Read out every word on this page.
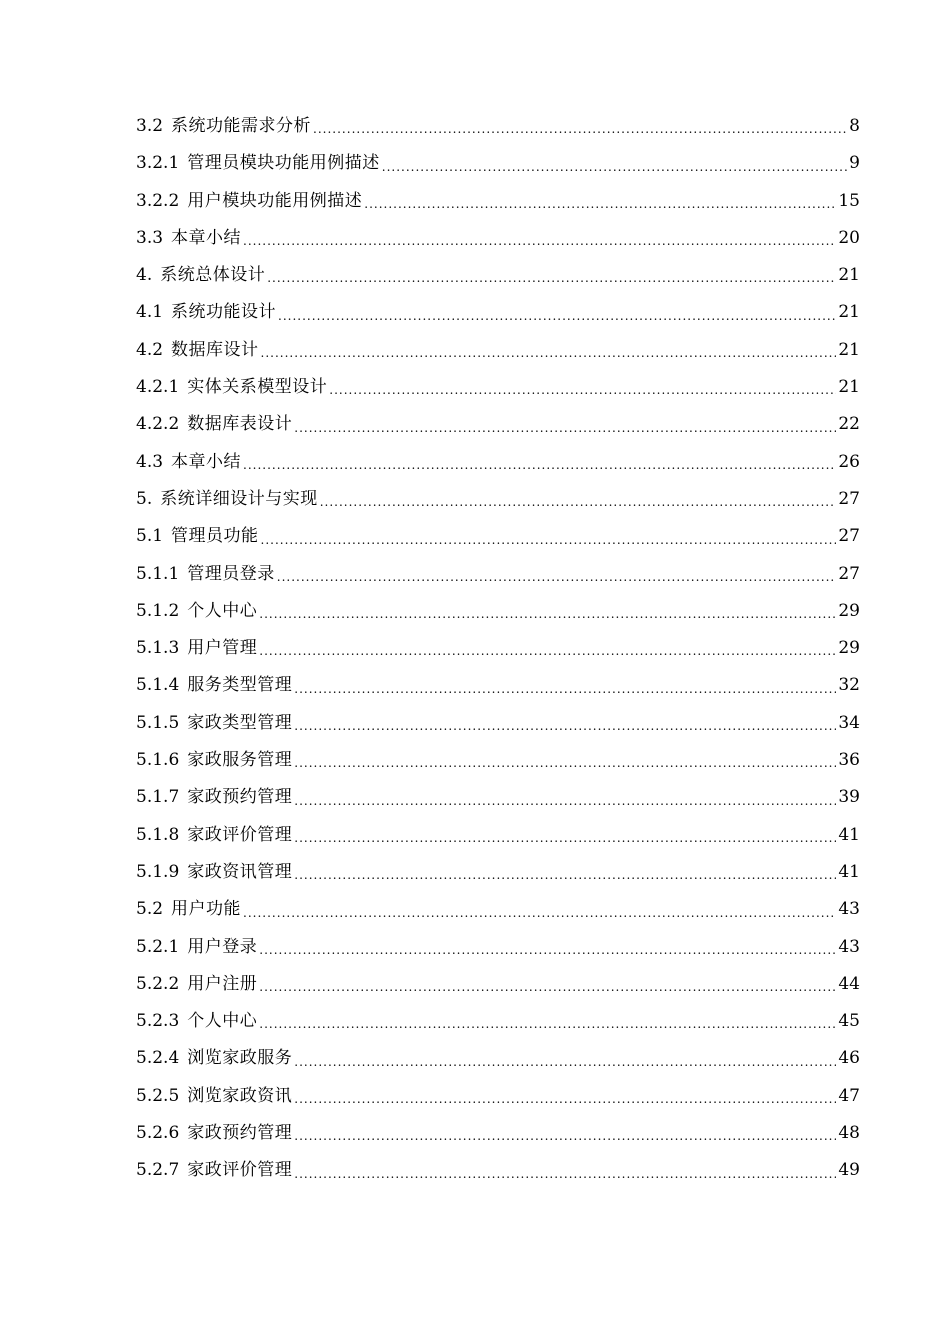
3.2 系统功能需求分析 .....	8
3.2.1 管理员模块功能用例描述 .....	9
3.2.2 用户模块功能用例描述 .....	15
3.3 本章小结 .....	20
4. 系统总体设计 .....	21
4.1 系统功能设计 .....	21
4.2 数据库设计 .....	21
4.2.1 实体关系模型设计 .....	21
4.2.2 数据库表设计 .....	22
4.3 本章小结 .....	26
5. 系统详细设计与实现 .....	27
5.1 管理员功能 .....	27
5.1.1 管理员登录 .....	27
5.1.2 个人中心 .....	29
5.1.3 用户管理 .....	29
5.1.4 服务类型管理 .....	32
5.1.5 家政类型管理 .....	34
5.1.6 家政服务管理 .....	36
5.1.7 家政预约管理 .....	39
5.1.8 家政评价管理 .....	41
5.1.9 家政资讯管理 .....	41
5.2 用户功能 .....	43
5.2.1 用户登录 .....	43
5.2.2 用户注册 .....	44
5.2.3 个人中心 .....	45
5.2.4 浏览家政服务 .....	46
5.2.5 浏览家政资讯 .....	47
5.2.6 家政预约管理 .....	48
5.2.7 家政评价管理 .....	49
